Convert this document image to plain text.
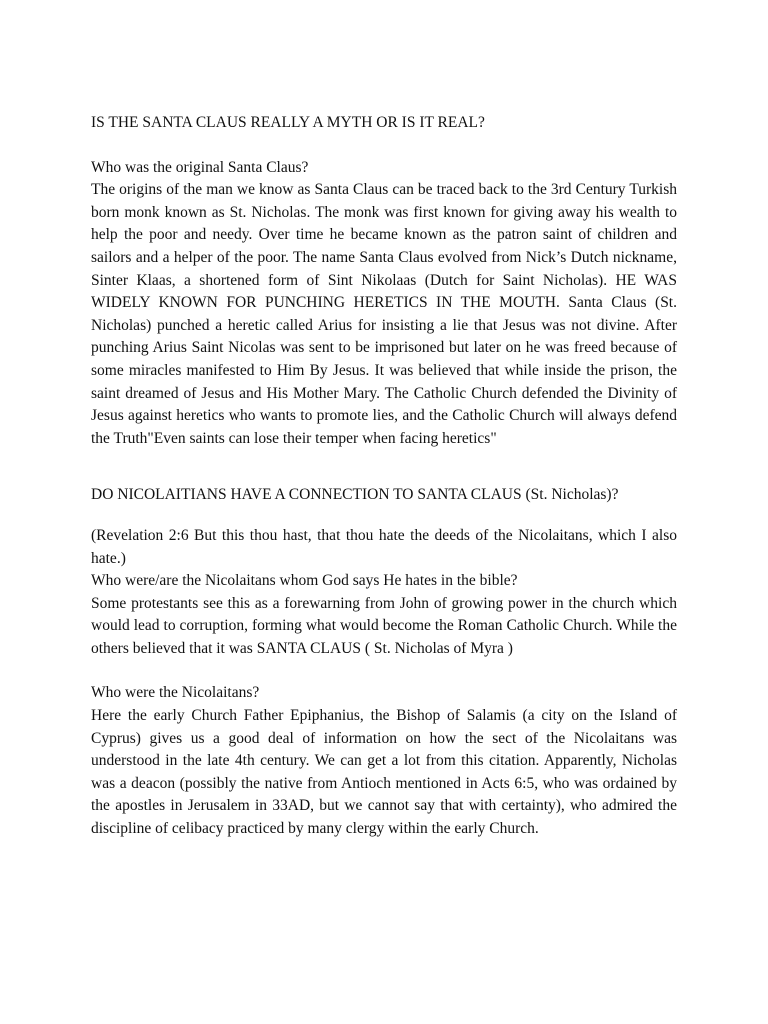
IS THE SANTA CLAUS REALLY A MYTH OR IS IT REAL?

Who was the original Santa Claus?

The origins of the man we know as Santa Claus can be traced back to the 3rd Century Turkish born monk known as St. Nicholas. The monk was first known for giving away his wealth to help the poor and needy. Over time he became known as the patron saint of children and sailors and a helper of the poor. The name Santa Claus evolved from Nick’s Dutch nickname, Sinter Klaas, a shortened form of Sint Nikolaas (Dutch for Saint Nicholas). HE WAS WIDELY KNOWN FOR PUNCHING HERETICS IN THE MOUTH. Santa Claus (St. Nicholas) punched a heretic called Arius for insisting a lie that Jesus was not divine. After punching Arius Saint Nicolas was sent to be imprisoned but later on he was freed because of some miracles manifested to Him By Jesus. It was believed that while inside the prison, the saint dreamed of Jesus and His Mother Mary. The Catholic Church defended the Divinity of Jesus against heretics who wants to promote lies, and the Catholic Church will always defend the Truth"Even saints can lose their temper when facing heretics"

DO NICOLAITIANS HAVE A CONNECTION TO SANTA CLAUS (St. Nicholas)?

(Revelation 2:6 But this thou hast, that thou hate the deeds of the Nicolaitans, which I also hate.)

Who were/are the Nicolaitans whom God says He hates in the bible?

Some protestants see this as a forewarning from John of growing power in the church which would lead to corruption, forming what would become the Roman Catholic Church. While the others believed that it was SANTA CLAUS ( St. Nicholas of Myra )

Who were the Nicolaitans?

Here the early Church Father Epiphanius, the Bishop of Salamis (a city on the Island of Cyprus) gives us a good deal of information on how the sect of the Nicolaitans was understood in the late 4th century. We can get a lot from this citation. Apparently, Nicholas was a deacon (possibly the native from Antioch mentioned in Acts 6:5, who was ordained by the apostles in Jerusalem in 33AD, but we cannot say that with certainty), who admired the discipline of celibacy practiced by many clergy within the early Church.
